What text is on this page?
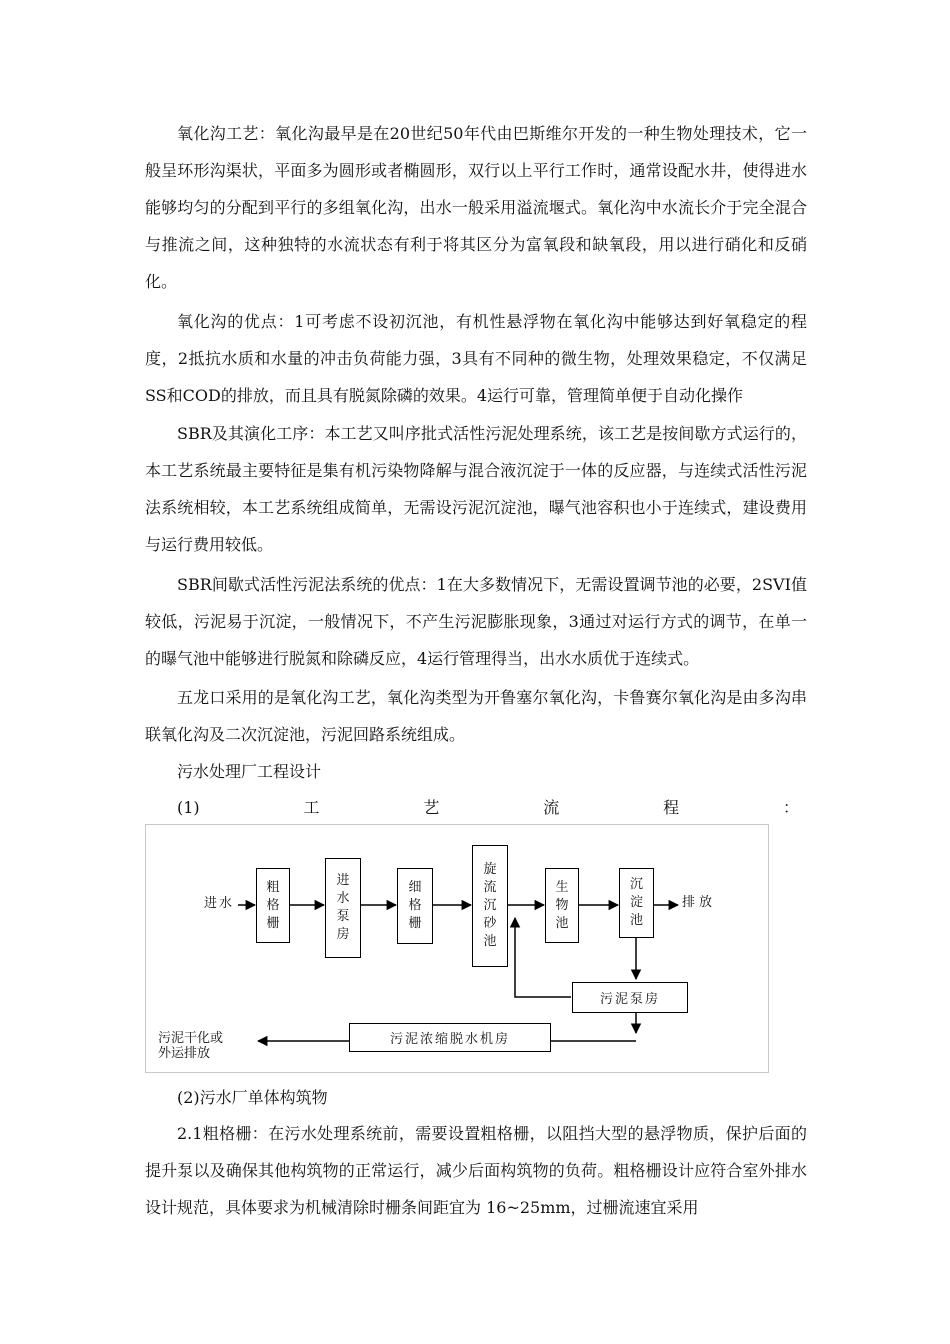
氧化沟工艺：氧化沟最早是在20世纪50年代由巴斯维尔开发的一种生物处理技术，它一般呈环形沟渠状，平面多为圆形或者椭圆形，双行以上平行工作时，通常设配水井，使得进水能够均匀的分配到平行的多组氧化沟，出水一般采用溢流堰式。氧化沟中水流长介于完全混合与推流之间，这种独特的水流状态有利于将其区分为富氧段和缺氧段，用以进行硝化和反硝化。

氧化沟的优点：1可考虑不设初沉池，有机性悬浮物在氧化沟中能够达到好氧稳定的程度，2抵抗水质和水量的冲击负荷能力强，3具有不同种的微生物，处理效果稳定，不仅满足SS和COD的排放，而且具有脱氮除磷的效果。4运行可靠，管理简单便于自动化操作

SBR及其演化工序：本工艺又叫序批式活性污泥处理系统，该工艺是按间歇方式运行的，本工艺系统最主要特征是集有机污染物降解与混合液沉淀于一体的反应器，与连续式活性污泥法系统相较，本工艺系统组成简单，无需设污泥沉淀池，曝气池容积也小于连续式，建设费用与运行费用较低。

SBR间歇式活性污泥法系统的优点：1在大多数情况下，无需设置调节池的必要，2SVI值较低，污泥易于沉淀，一般情况下，不产生污泥膨胀现象，3通过对运行方式的调节，在单一的曝气池中能够进行脱氮和除磷反应，4运行管理得当，出水水质优于连续式。

五龙口采用的是氧化沟工艺，氧化沟类型为开鲁塞尔氧化沟，卡鲁赛尔氧化沟是由多沟串联氧化沟及二次沉淀池，污泥回路系统组成。

污水处理厂工程设计

(1)	工	艺	流	程	：
进水	排放
污泥干化或
外运排放
粗
格
栅
进
水
泵
房
细
格
栅
旋
流
沉
砂
池
生
物
池
沉
淀
池
污泥泵房
污泥浓缩脱水机房

(2)污水厂单体构筑物

2.1粗格栅：在污水处理系统前，需要设置粗格栅，以阻挡大型的悬浮物质，保护后面的提升泵以及确保其他构筑物的正常运行，减少后面构筑物的负荷。粗格栅设计应符合室外排水设计规范，具体要求为机械清除时栅条间距宜为 16~25mm，过栅流速宜采用
